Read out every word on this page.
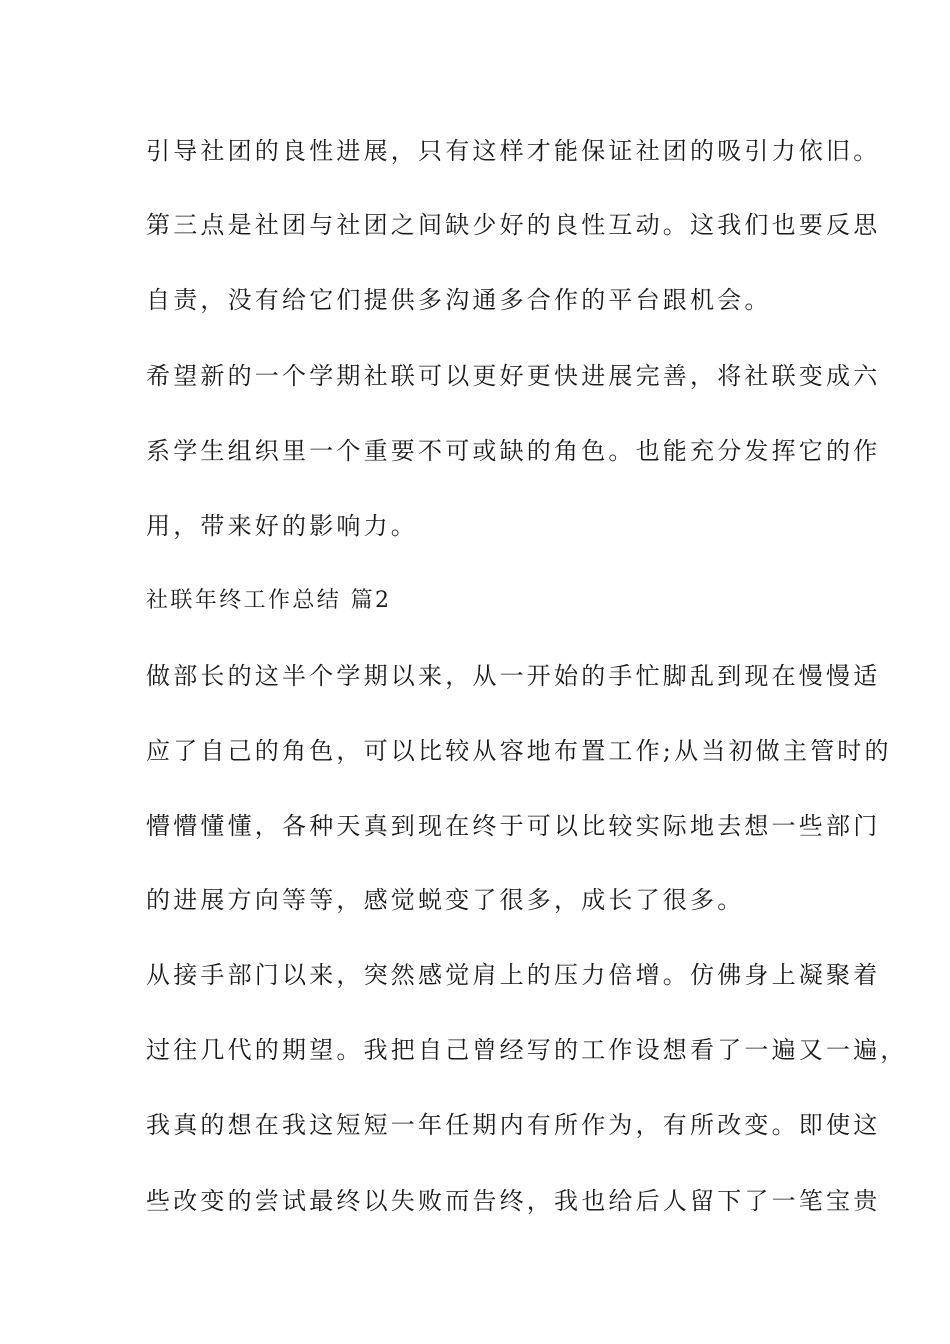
引导社团的良性进展，只有这样才能保证社团的吸引力依旧。
第三点是社团与社团之间缺少好的良性互动。这我们也要反思
自责，没有给它们提供多沟通多合作的平台跟机会。
希望新的一个学期社联可以更好更快进展完善，将社联变成六
系学生组织里一个重要不可或缺的角色。也能充分发挥它的作
用，带来好的影响力。
社联年终工作总结 篇2
做部长的这半个学期以来，从一开始的手忙脚乱到现在慢慢适
应了自己的角色，可以比较从容地布置工作;从当初做主管时的
懵懵懂懂，各种天真到现在终于可以比较实际地去想一些部门
的进展方向等等，感觉蜕变了很多，成长了很多。
从接手部门以来，突然感觉肩上的压力倍增。仿佛身上凝聚着
过往几代的期望。我把自己曾经写的工作设想看了一遍又一遍，
我真的想在我这短短一年任期内有所作为，有所改变。即使这
些改变的尝试最终以失败而告终，我也给后人留下了一笔宝贵
